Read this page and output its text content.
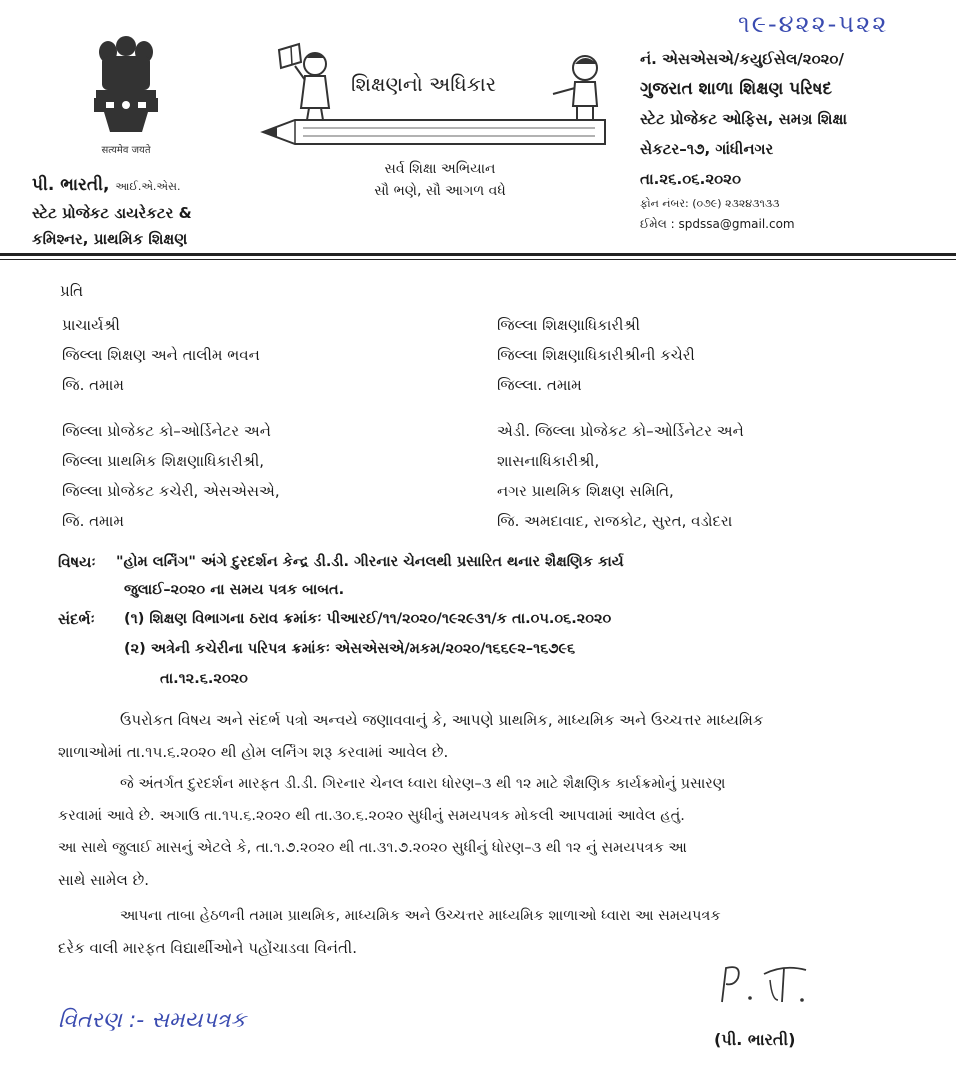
૧૯-૪૨૨-૫૨૨
सत्यमेव जयते
પી. ભારતી, આઈ.એ.એસ.
સ્ટેટ પ્રોજેકટ ડાયરેકટર &
કમિશ્નર, પ્રાથમિક શિક્ષણ
શિક્ષણનો અધિકાર
સર્વ શિક્ષા અભિયાન
સૌ ભણે, સૌ આગળ વધે
નં. એસએસએ/કયુઈસેલ/૨૦૨૦/
ગુજરાત શાળા શિક્ષણ પરિષદ
સ્ટેટ પ્રોજેકટ ઓફિસ, સમગ્ર શિક્ષા
સેકટર–૧૭, ગાંધીનગર
તા.૨૬.૦૬.૨૦૨૦
ફોન નંબર: (૦૭૯) ૨૩૨૪૩૧૩૩
ઈમેલ : spdssa@gmail.com
પ્રતિ
પ્રાચાર્યશ્રી
જિલ્લા શિક્ષણ અને તાલીમ ભવન
જિ. તમામ
જિલ્લા શિક્ષણાધિકારીશ્રી
જિલ્લા શિક્ષણાધિકારીશ્રીની કચેરી
જિલ્લા. તમામ
જિલ્લા પ્રોજેકટ કો–ઓર્ડિનેટર અને
જિલ્લા પ્રાથમિક શિક્ષણાધિકારીશ્રી,
જિલ્લા પ્રોજેકટ કચેરી, એસએસએ,
જિ. તમામ
એડી. જિલ્લા પ્રોજેકટ કો–ઓર્ડિનેટર અને
શાસનાધિકારીશ્રી,
નગર પ્રાથમિક શિક્ષણ સમિતિ,
જિ. અમદાવાદ, રાજકોટ, સુરત, વડોદરા
વિષયઃ "હોમ લર્નિંગ" અંગે દુરદર્શન કેન્દ્ર ડી.ડી. ગીરનાર ચેનલથી પ્રસારિત થનાર શૈક્ષણિક કાર્ય
જુલાઈ–૨૦૨૦ ના સમય પત્રક બાબત.
સંદર્ભઃ (૧) શિક્ષણ વિભાગના ઠરાવ ક્રમાંકઃ પીઆરઈ/૧૧/૨૦૨૦/૧૯૨૯૩૧/ક તા.૦૫.૦૬.૨૦૨૦
(૨) અત્રેની કચેરીના પરિપત્ર ક્રમાંકઃ એસએસએ/મકમ/૨૦૨૦/૧૬૬૯૨–૧૬૭૯૬
તા.૧૨.૬.૨૦૨૦
ઉપરોકત વિષય અને સંદર્ભ પત્રો અન્વયે જણાવવાનું કે, આપણે પ્રાથમિક, માધ્યમિક અને ઉચ્ચત્તર માધ્યમિક
શાળાઓમાં તા.૧૫.૬.૨૦૨૦ થી હોમ લર્નિંગ શરૂ કરવામાં આવેલ છે.
જે અંતર્ગત દુરદર્શન મારફત ડી.ડી. ગિરનાર ચેનલ ધ્વારા ધોરણ–૩ થી ૧૨ માટે શૈક્ષણિક કાર્યક્રમોનું પ્રસારણ
કરવામાં આવે છે. અગાઉ તા.૧૫.૬.૨૦૨૦ થી તા.૩૦.૬.૨૦૨૦ સુધીનું સમયપત્રક મોકલી આપવામાં આવેલ હતું.
આ સાથે જુલાઈ માસનું એટલે કે, તા.૧.૭.૨૦૨૦ થી તા.૩૧.૭.૨૦૨૦ સુધીનું ધોરણ–૩ થી ૧૨ નું સમયપત્રક આ
સાથે સામેલ છે.
આપના તાબા હેઠળની તમામ પ્રાથમિક, માધ્યમિક અને ઉચ્ચત્તર માધ્યમિક શાળાઓ ધ્વારા આ સમયપત્રક
દરેક વાલી મારફત વિદ્યાર્થીઓને પહોંચાડવા વિનંતી.
(પી. ભારતી)
વિતરણ :- સમયપત્રક
